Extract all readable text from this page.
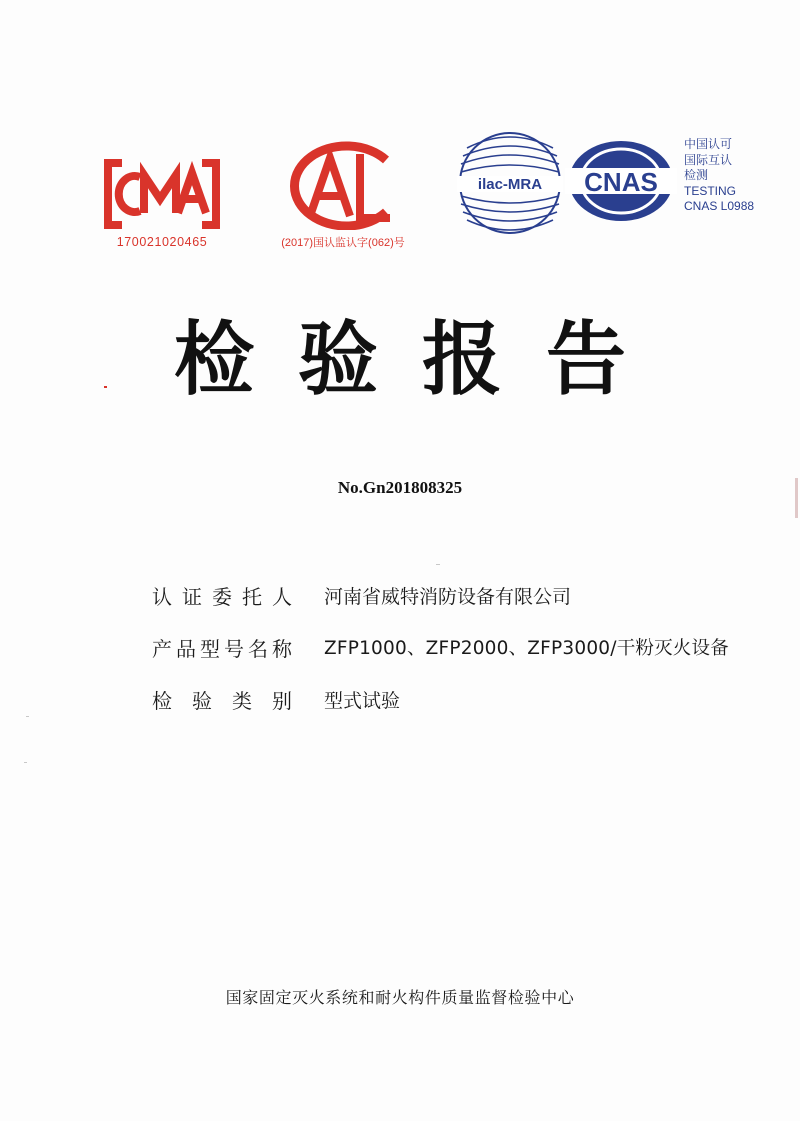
170021020465	(2017)国认监认字(062)号
ilac-MRA CNAS
中国认可
国际互认
检测
TESTING
CNAS L0988
检验报告
No.Gn201808325
认 证 委 托 人 河南省威特消防设备有限公司
产 品 型 号 名 称 ZFP1000、ZFP2000、ZFP3000/干粉灭火设备
检 验 类 别 型式试验
国家固定灭火系统和耐火构件质量监督检验中心
